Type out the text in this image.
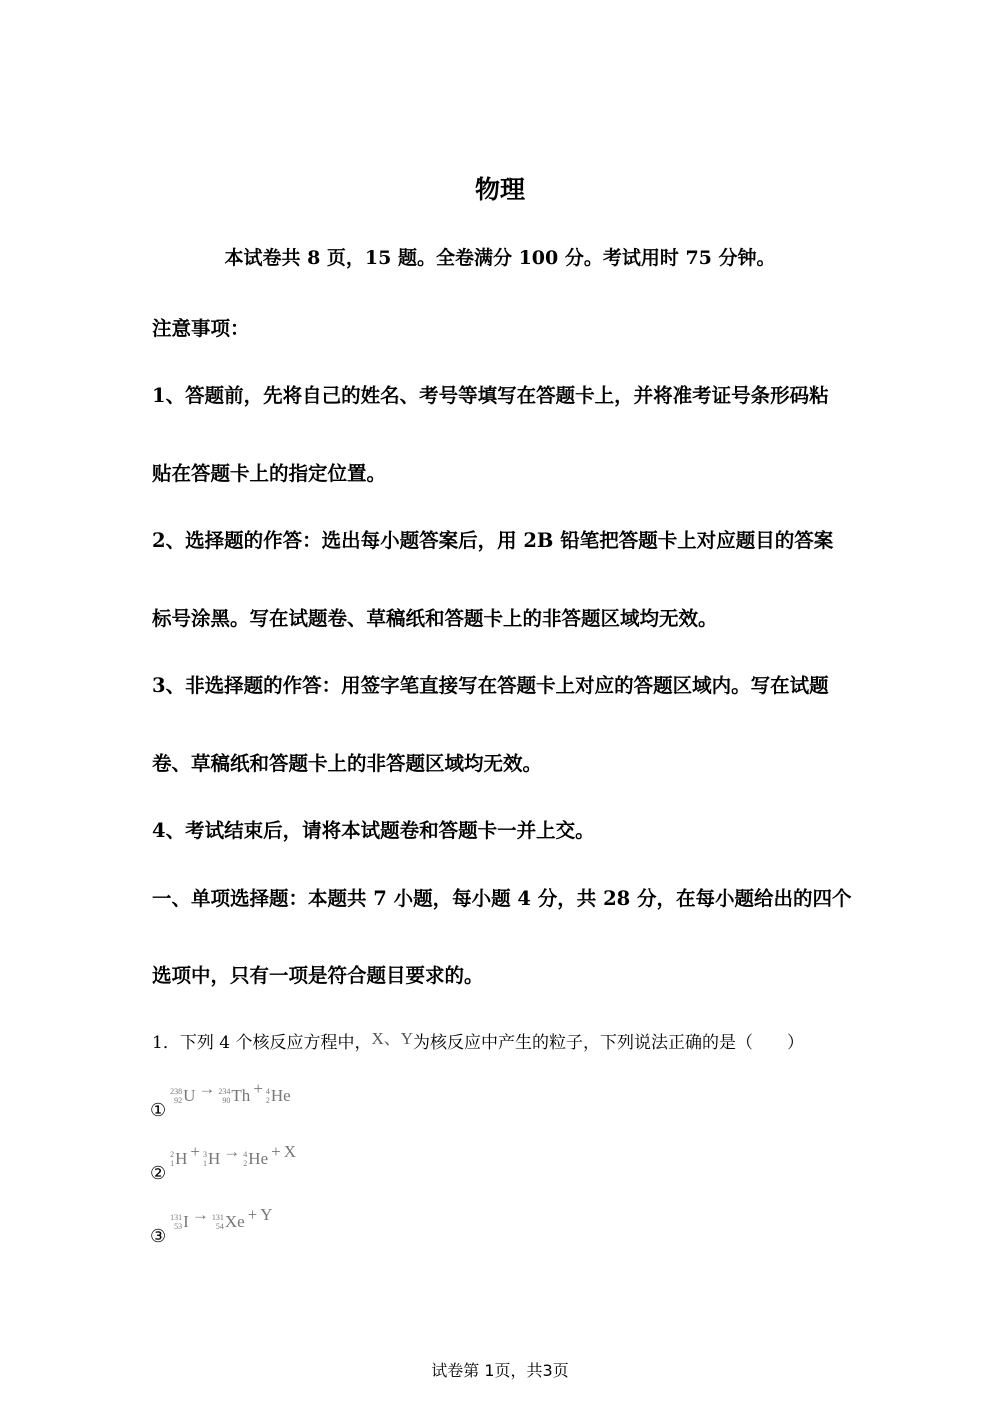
物理
本试卷共 8 页，15 题。全卷满分 100 分。考试用时 75 分钟。
注意事项：
1、答题前，先将自己的姓名、考号等填写在答题卡上，并将准考证号条形码粘
贴在答题卡上的指定位置。
2、选择题的作答：选出每小题答案后，用 2B 铅笔把答题卡上对应题目的答案
标号涂黑。写在试题卷、草稿纸和答题卡上的非答题区域均无效。
3、非选择题的作答：用签字笔直接写在答题卡上对应的答题区域内。写在试题
卷、草稿纸和答题卡上的非答题区域均无效。
4、考试结束后，请将本试题卷和答题卡一并上交。
一、单项选择题：本题共 7 小题，每小题 4 分，共 28 分，在每小题给出的四个
选项中，只有一项是符合题目要求的。
1．下列 4 个核反应方程中，X、Y为核反应中产生的粒子，下列说法正确的是（　　）
①
238
92 U → 234
90 Th + 4
2 He
②
2
1 H + 3
1 H → 4
2 He + X
③
131
53 I → 131
54 Xe + Y
试卷第 1页，共3页
